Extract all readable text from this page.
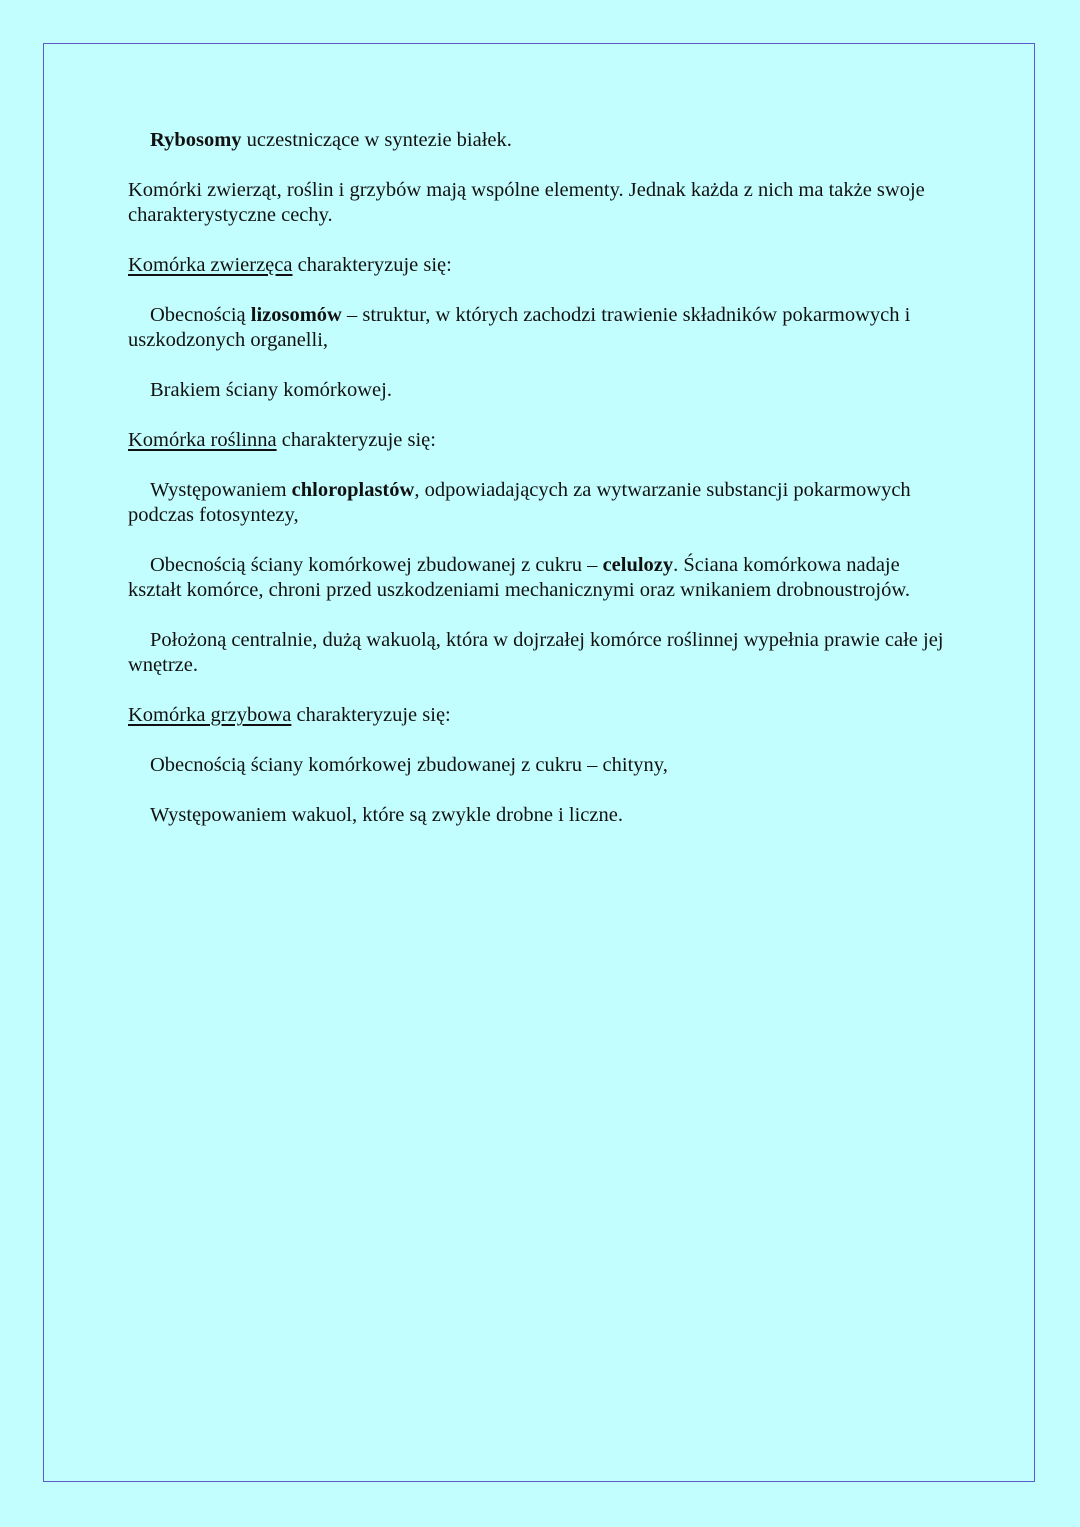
Rybosomy uczestniczące w syntezie białek.

Komórki zwierząt, roślin i grzybów mają wspólne elementy. Jednak każda z nich ma także swoje charakterystyczne cechy.

Komórka zwierzęca charakteryzuje się:

Obecnością lizosomów – struktur, w których zachodzi trawienie składników pokarmowych i uszkodzonych organelli,

Brakiem ściany komórkowej.

Komórka roślinna charakteryzuje się:

Występowaniem chloroplastów, odpowiadających za wytwarzanie substancji pokarmowych podczas fotosyntezy,

Obecnością ściany komórkowej zbudowanej z cukru – celulozy. Ściana komórkowa nadaje kształt komórce, chroni przed uszkodzeniami mechanicznymi oraz wnikaniem drobnoustrojów.

Położoną centralnie, dużą wakuolą, która w dojrzałej komórce roślinnej wypełnia prawie całe jej wnętrze.

Komórka grzybowa charakteryzuje się:

Obecnością ściany komórkowej zbudowanej z cukru – chityny,

Występowaniem wakuol, które są zwykle drobne i liczne.
